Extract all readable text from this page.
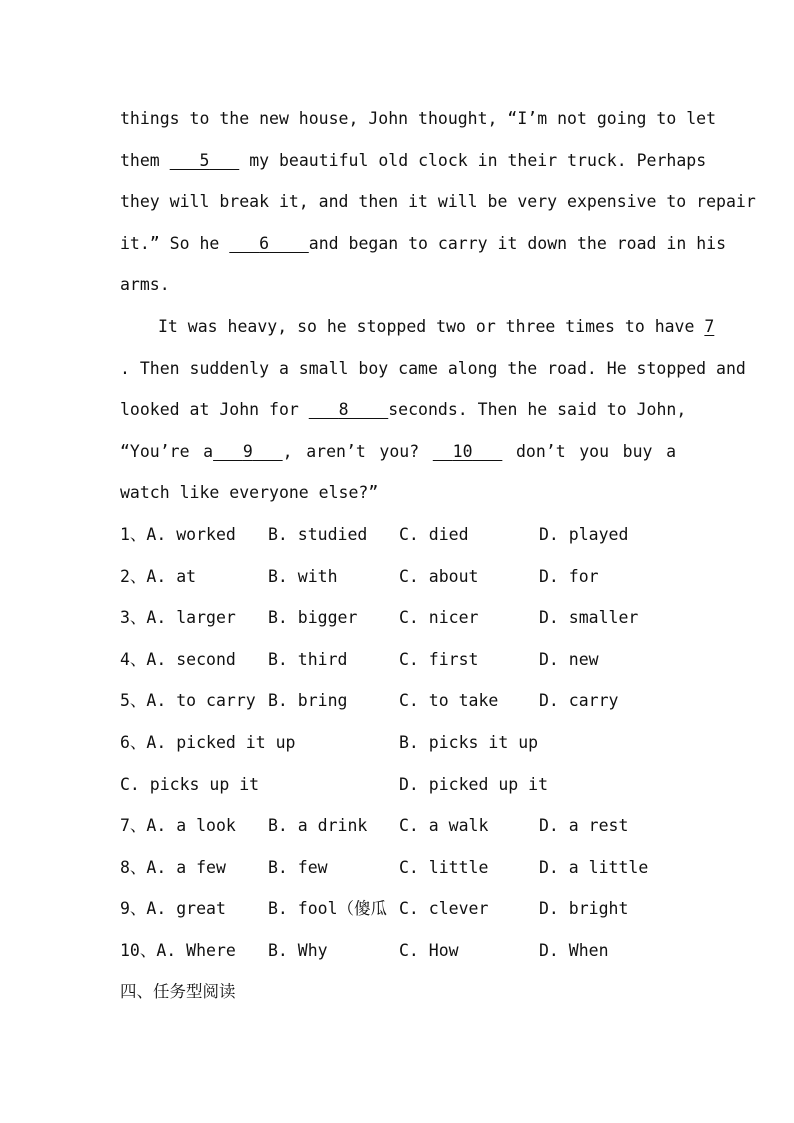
things to the new house, John thought, “I’m not going to let
them 5 my beautiful old clock in their truck. Perhaps
they will break it, and then it will be very expensive to repair
it.” So he 6 and began to carry it down the road in his
arms.
It was heavy, so he stopped two or three times to have 7
. Then suddenly a small boy came along the road. He stopped and
looked at John for 8 seconds. Then he said to John,
“You’re a 9 , aren’t you? 10	don’t you buy a
watch like everyone else?”
1、A. worked	B. studied	C. died	D. played
2、A. at	B. with	C. about	D. for
3、A. larger	B. bigger	C. nicer	D. smaller
4、A. second	B. third	C. first	D. new
5、A. to carry B. bring	C. to take	D. carry
6、A. picked it up	B. picks it up
C. picks up it	D. picked up it
7、A. a look	B. a drink	C. a walk	D. a rest
8、A. a few	B. few	C. little	D. a little
9、A. great	B. fool（傻瓜 C. clever	D. bright
10、A. Where	B. Why	C. How	D. When
四、任务型阅读
